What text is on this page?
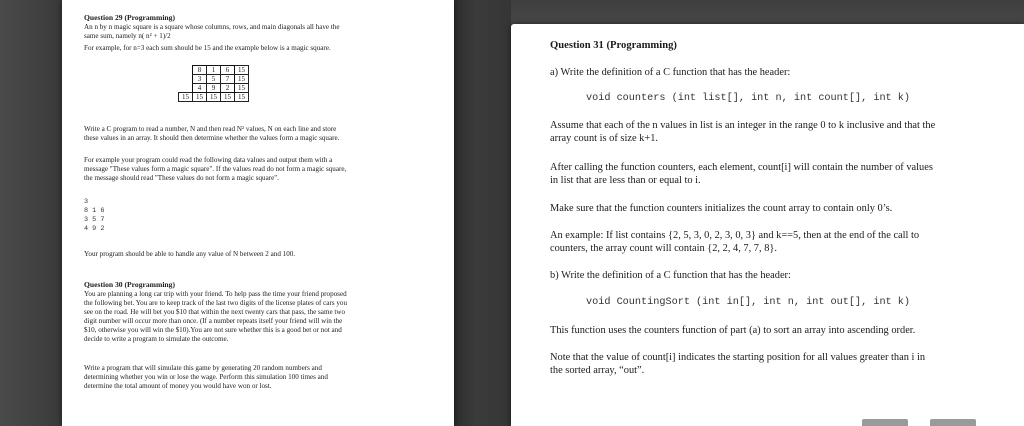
Question 29 (Programming)
An n by n magic square is a square whose columns, rows, and main diagonals all have the
same sum, namely n( n² + 1)/2
For example, for n=3 each sum should be 15 and the example below is a magic square.
	8	1	6	15
	3	5	7	15
	4	9	2	15
15	15	15	15	15
Write a C program to read a number, N and then read N² values, N on each line and store
these values in an array. It should then determine whether the values form a magic square.
For example your program could read the following data values and output them with a
message "These values form a magic square". If the values read do not form a magic square,
the message should read "These values do not form a magic square".
3
8 1 6
3 5 7
4 9 2
Your program should be able to handle any value of N between 2 and 100.
Question 30 (Programming)
You are planning a long car trip with your friend. To help pass the time your friend proposed
the following bet. You are to keep track of the last two digits of the license plates of cars you
see on the road. He will bet you $10 that within the next twenty cars that pass, the same two
digit number will occur more than once. (If a number repeats itself your friend will win the
$10, otherwise you will win the $10).You are not sure whether this is a good bet or not and
decide to write a program to simulate the outcome.
Write a program that will simulate this game by generating 20 random numbers and
determining whether you win or lose the wage. Perform this simulation 100 times and
determine the total amount of money you would have won or lost.
Question 31 (Programming)
a) Write the definition of a C function that has the header:
void counters (int list[], int n, int count[], int k)
Assume that each of the n values in list is an integer in the range 0 to k inclusive and that the
array count is of size k+1.
After calling the function counters, each element, count[i] will contain the number of values
in list that are less than or equal to i.
Make sure that the function counters initializes the count array to contain only 0’s.
An example: If list contains {2, 5, 3, 0, 2, 3, 0, 3} and k==5, then at the end of the call to
counters, the array count will contain {2, 2, 4, 7, 7, 8}.
b) Write the definition of a C function that has the header:
void CountingSort (int in[], int n, int out[], int k)
This function uses the counters function of part (a) to sort an array into ascending order.
Note that the value of count[i] indicates the starting position for all values greater than i in
the sorted array, “out”.
